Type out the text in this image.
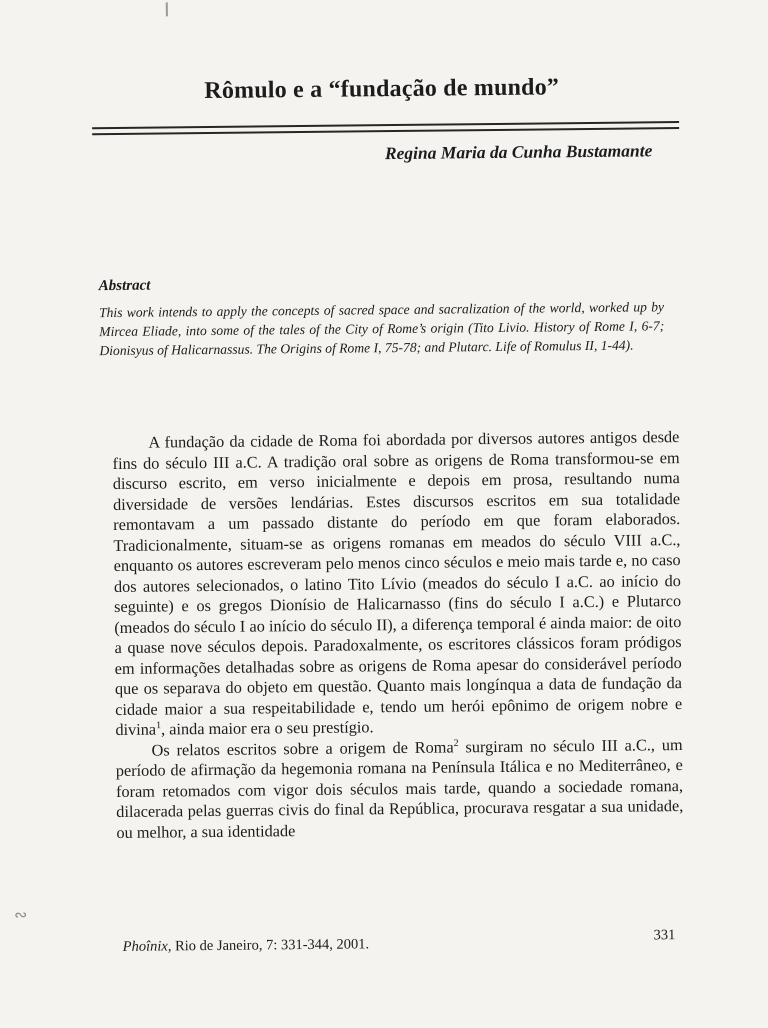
Rômulo e a “fundação de mundo”
Regina Maria da Cunha Bustamante
Abstract
This work intends to apply the concepts of sacred space and sacralization of the world, worked up by Mircea Eliade, into some of the tales of the City of Rome’s origin (Tito Livio. History of Rome I, 6-7; Dionisyus of Halicarnassus. The Origins of Rome I, 75-78; and Plutarc. Life of Romulus II, 1-44).

A fundação da cidade de Roma foi abordada por diversos autores antigos desde fins do século III a.C. A tradição oral sobre as origens de Roma transformou-se em discurso escrito, em verso inicialmente e depois em prosa, resultando numa diversidade de versões lendárias. Estes discursos escritos em sua totalidade remontavam a um passado distante do período em que foram elaborados. Tradicionalmente, situam-se as origens romanas em meados do século VIII a.C., enquanto os autores escreveram pelo menos cinco séculos e meio mais tarde e, no caso dos autores selecionados, o latino Tito Lívio (meados do século I a.C. ao início do seguinte) e os gregos Dionísio de Halicarnasso (fins do século I a.C.) e Plutarco (meados do século I ao início do século II), a diferença temporal é ainda maior: de oito a quase nove séculos depois. Paradoxalmente, os escritores clássicos foram pródigos em informações detalhadas sobre as origens de Roma apesar do considerável período que os separava do objeto em questão. Quanto mais longínqua a data de fundação da cidade maior a sua respeitabilidade e, tendo um herói epônimo de origem nobre e divina$^1$, ainda maior era o seu prestígio.

Os relatos escritos sobre a origem de Roma$^2$ surgiram no século III a.C., um período de afirmação da hegemonia romana na Península Itálica e no Mediterrâneo, e foram retomados com vigor dois séculos mais tarde, quando a sociedade romana, dilacerada pelas guerras civis do final da República, procurava resgatar a sua unidade, ou melhor, a sua identidade

Phoînix, Rio de Janeiro, 7: 331-344, 2001.
331
∾
